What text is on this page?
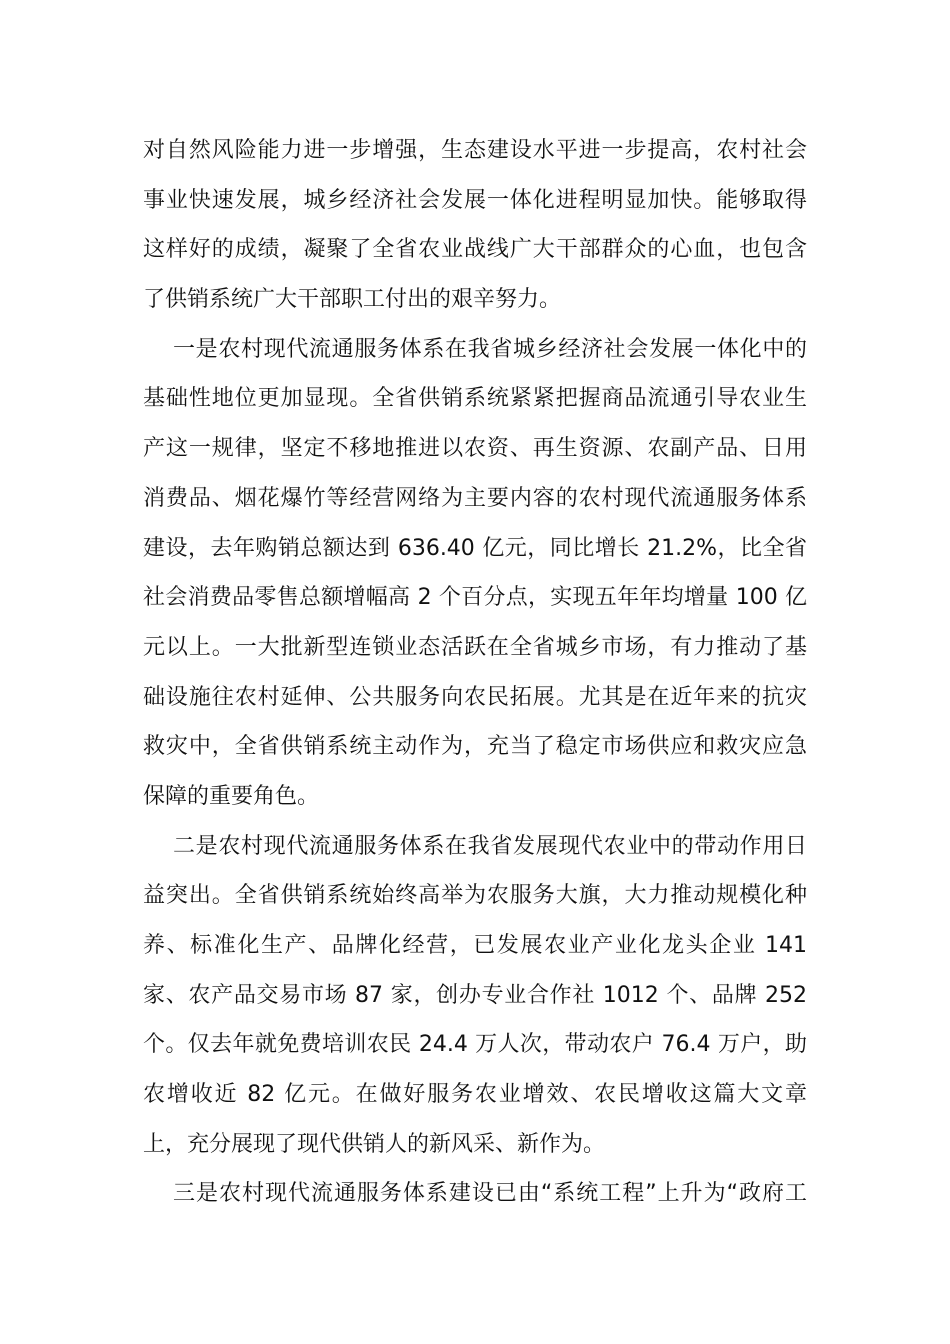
对自然风险能力进一步增强，生态建设水平进一步提高，农村社会
事业快速发展，城乡经济社会发展一体化进程明显加快。能够取得
这样好的成绩，凝聚了全省农业战线广大干部群众的心血，也包含
了供销系统广大干部职工付出的艰辛努力。

一是农村现代流通服务体系在我省城乡经济社会发展一体化中的
基础性地位更加显现。全省供销系统紧紧把握商品流通引导农业生
产这一规律，坚定不移地推进以农资、再生资源、农副产品、日用
消费品、烟花爆竹等经营网络为主要内容的农村现代流通服务体系
建设，去年购销总额达到 636.40 亿元，同比增长 21.2%，比全省
社会消费品零售总额增幅高 2 个百分点，实现五年年均增量 100 亿
元以上。一大批新型连锁业态活跃在全省城乡市场，有力推动了基
础设施往农村延伸、公共服务向农民拓展。尤其是在近年来的抗灾
救灾中，全省供销系统主动作为，充当了稳定市场供应和救灾应急
保障的重要角色。

二是农村现代流通服务体系在我省发展现代农业中的带动作用日
益突出。全省供销系统始终高举为农服务大旗，大力推动规模化种
养、标准化生产、品牌化经营，已发展农业产业化龙头企业 141
家、农产品交易市场 87 家，创办专业合作社 1012 个、品牌 252
个。仅去年就免费培训农民 24.4 万人次，带动农户 76.4 万户，助
农增收近 82 亿元。在做好服务农业增效、农民增收这篇大文章
上，充分展现了现代供销人的新风采、新作为。

三是农村现代流通服务体系建设已由“系统工程”上升为“政府工
